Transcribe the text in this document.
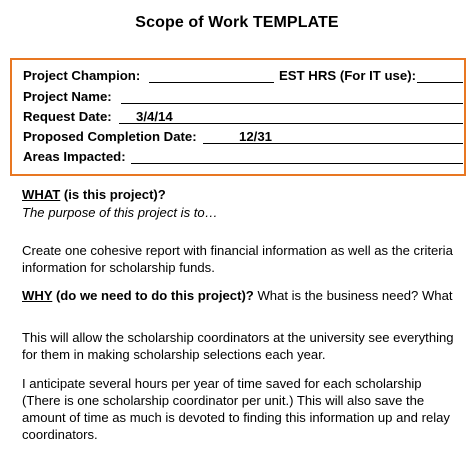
Scope of Work TEMPLATE
Project Champion:	EST HRS (For IT use):
Project Name:
Request Date: 3/4/14
Proposed Completion Date:	12/31
Areas Impacted:
WHAT (is this project)?
The purpose of this project is to…
Create one cohesive report with financial information as well as the criteria
information for scholarship funds.
WHY (do we need to do this project)? What is the business need? What
This will allow the scholarship coordinators at the university see everything
for them in making scholarship selections each year.
I anticipate several hours per year of time saved for each scholarship
(There is one scholarship coordinator per unit.) This will also save the
amount of time as much is devoted to finding this information up and relay
coordinators.
